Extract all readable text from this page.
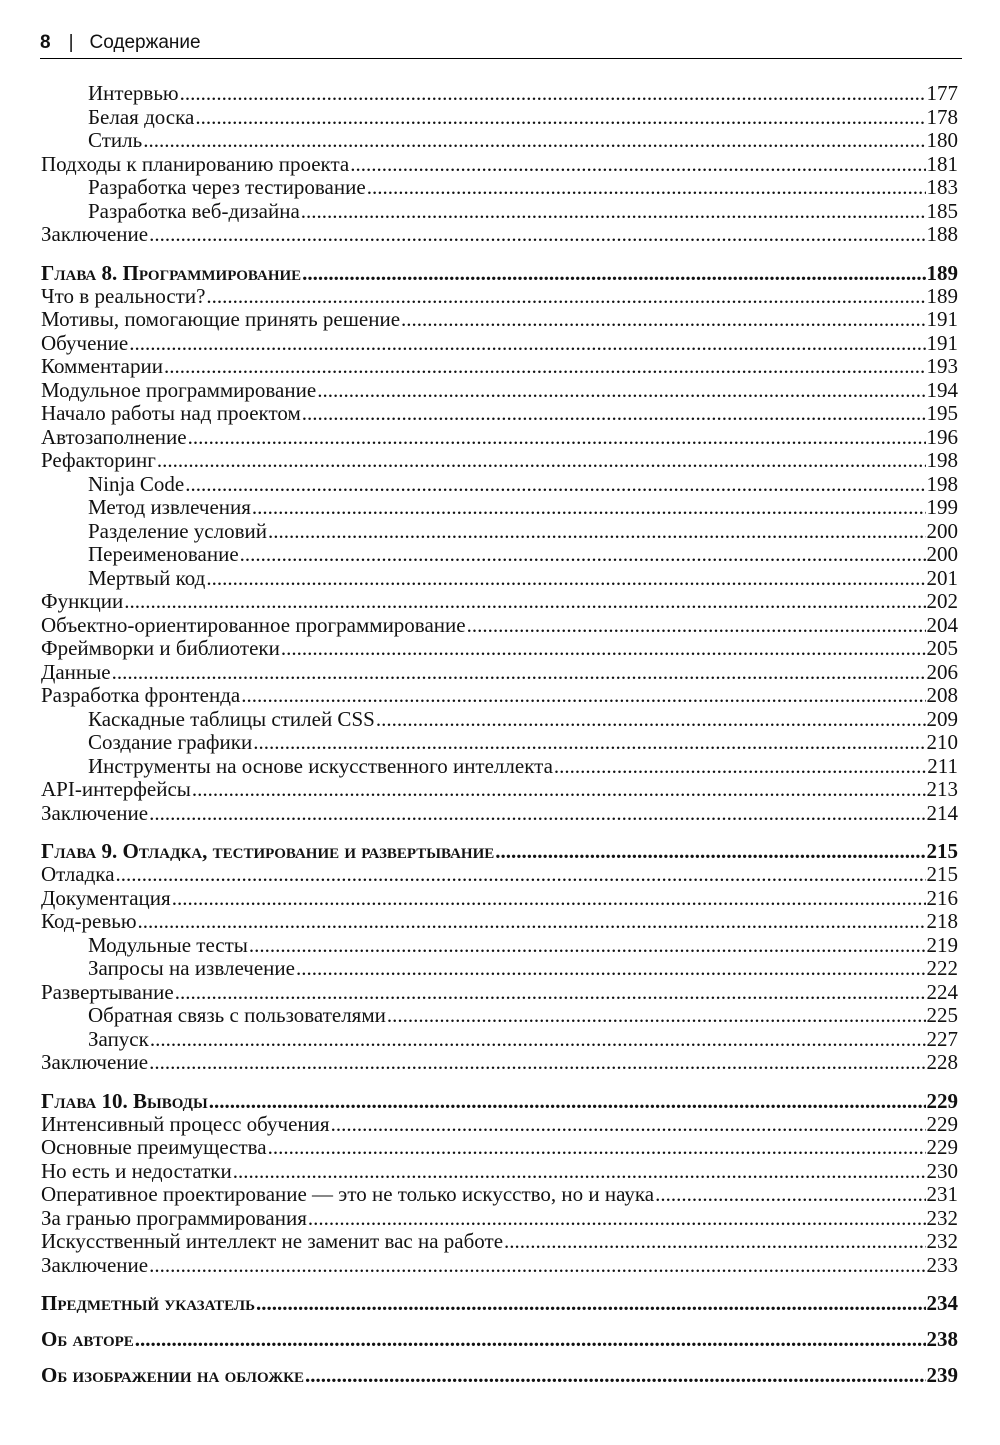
8 | Содержание
Интервью .....	177
Белая доска .....	178
Стиль .....	180
Подходы к планированию проекта .....	181
Разработка через тестирование .....	183
Разработка веб-дизайна .....	185
Заключение .....	188
Глава 8. Программирование .....	189
Что в реальности? .....	189
Мотивы, помогающие принять решение .....	191
Обучение .....	191
Комментарии .....	193
Модульное программирование .....	194
Начало работы над проектом .....	195
Автозаполнение .....	196
Рефакторинг .....	198
Ninja Code .....	198
Метод извлечения .....	199
Разделение условий .....	200
Переименование .....	200
Мертвый код .....	201
Функции .....	202
Объектно-ориентированное программирование .....	204
Фреймворки и библиотеки .....	205
Данные .....	206
Разработка фронтенда .....	208
Каскадные таблицы стилей CSS .....	209
Создание графики .....	210
Инструменты на основе искусственного интеллекта .....	211
API-интерфейсы .....	213
Заключение .....	214
Глава 9. Отладка, тестирование и развертывание .....	215
Отладка .....	215
Документация .....	216
Код-ревью .....	218
Модульные тесты .....	219
Запросы на извлечение .....	222
Развертывание .....	224
Обратная связь с пользователями .....	225
Запуск .....	227
Заключение .....	228
Глава 10. Выводы .....	229
Интенсивный процесс обучения .....	229
Основные преимущества .....	229
Но есть и недостатки .....	230
Оперативное проектирование — это не только искусство, но и наука .....	231
За гранью программирования .....	232
Искусственный интеллект не заменит вас на работе .....	232
Заключение .....	233
Предметный указатель .....	234
Об авторе .....	238
Об изображении на обложке .....	239
